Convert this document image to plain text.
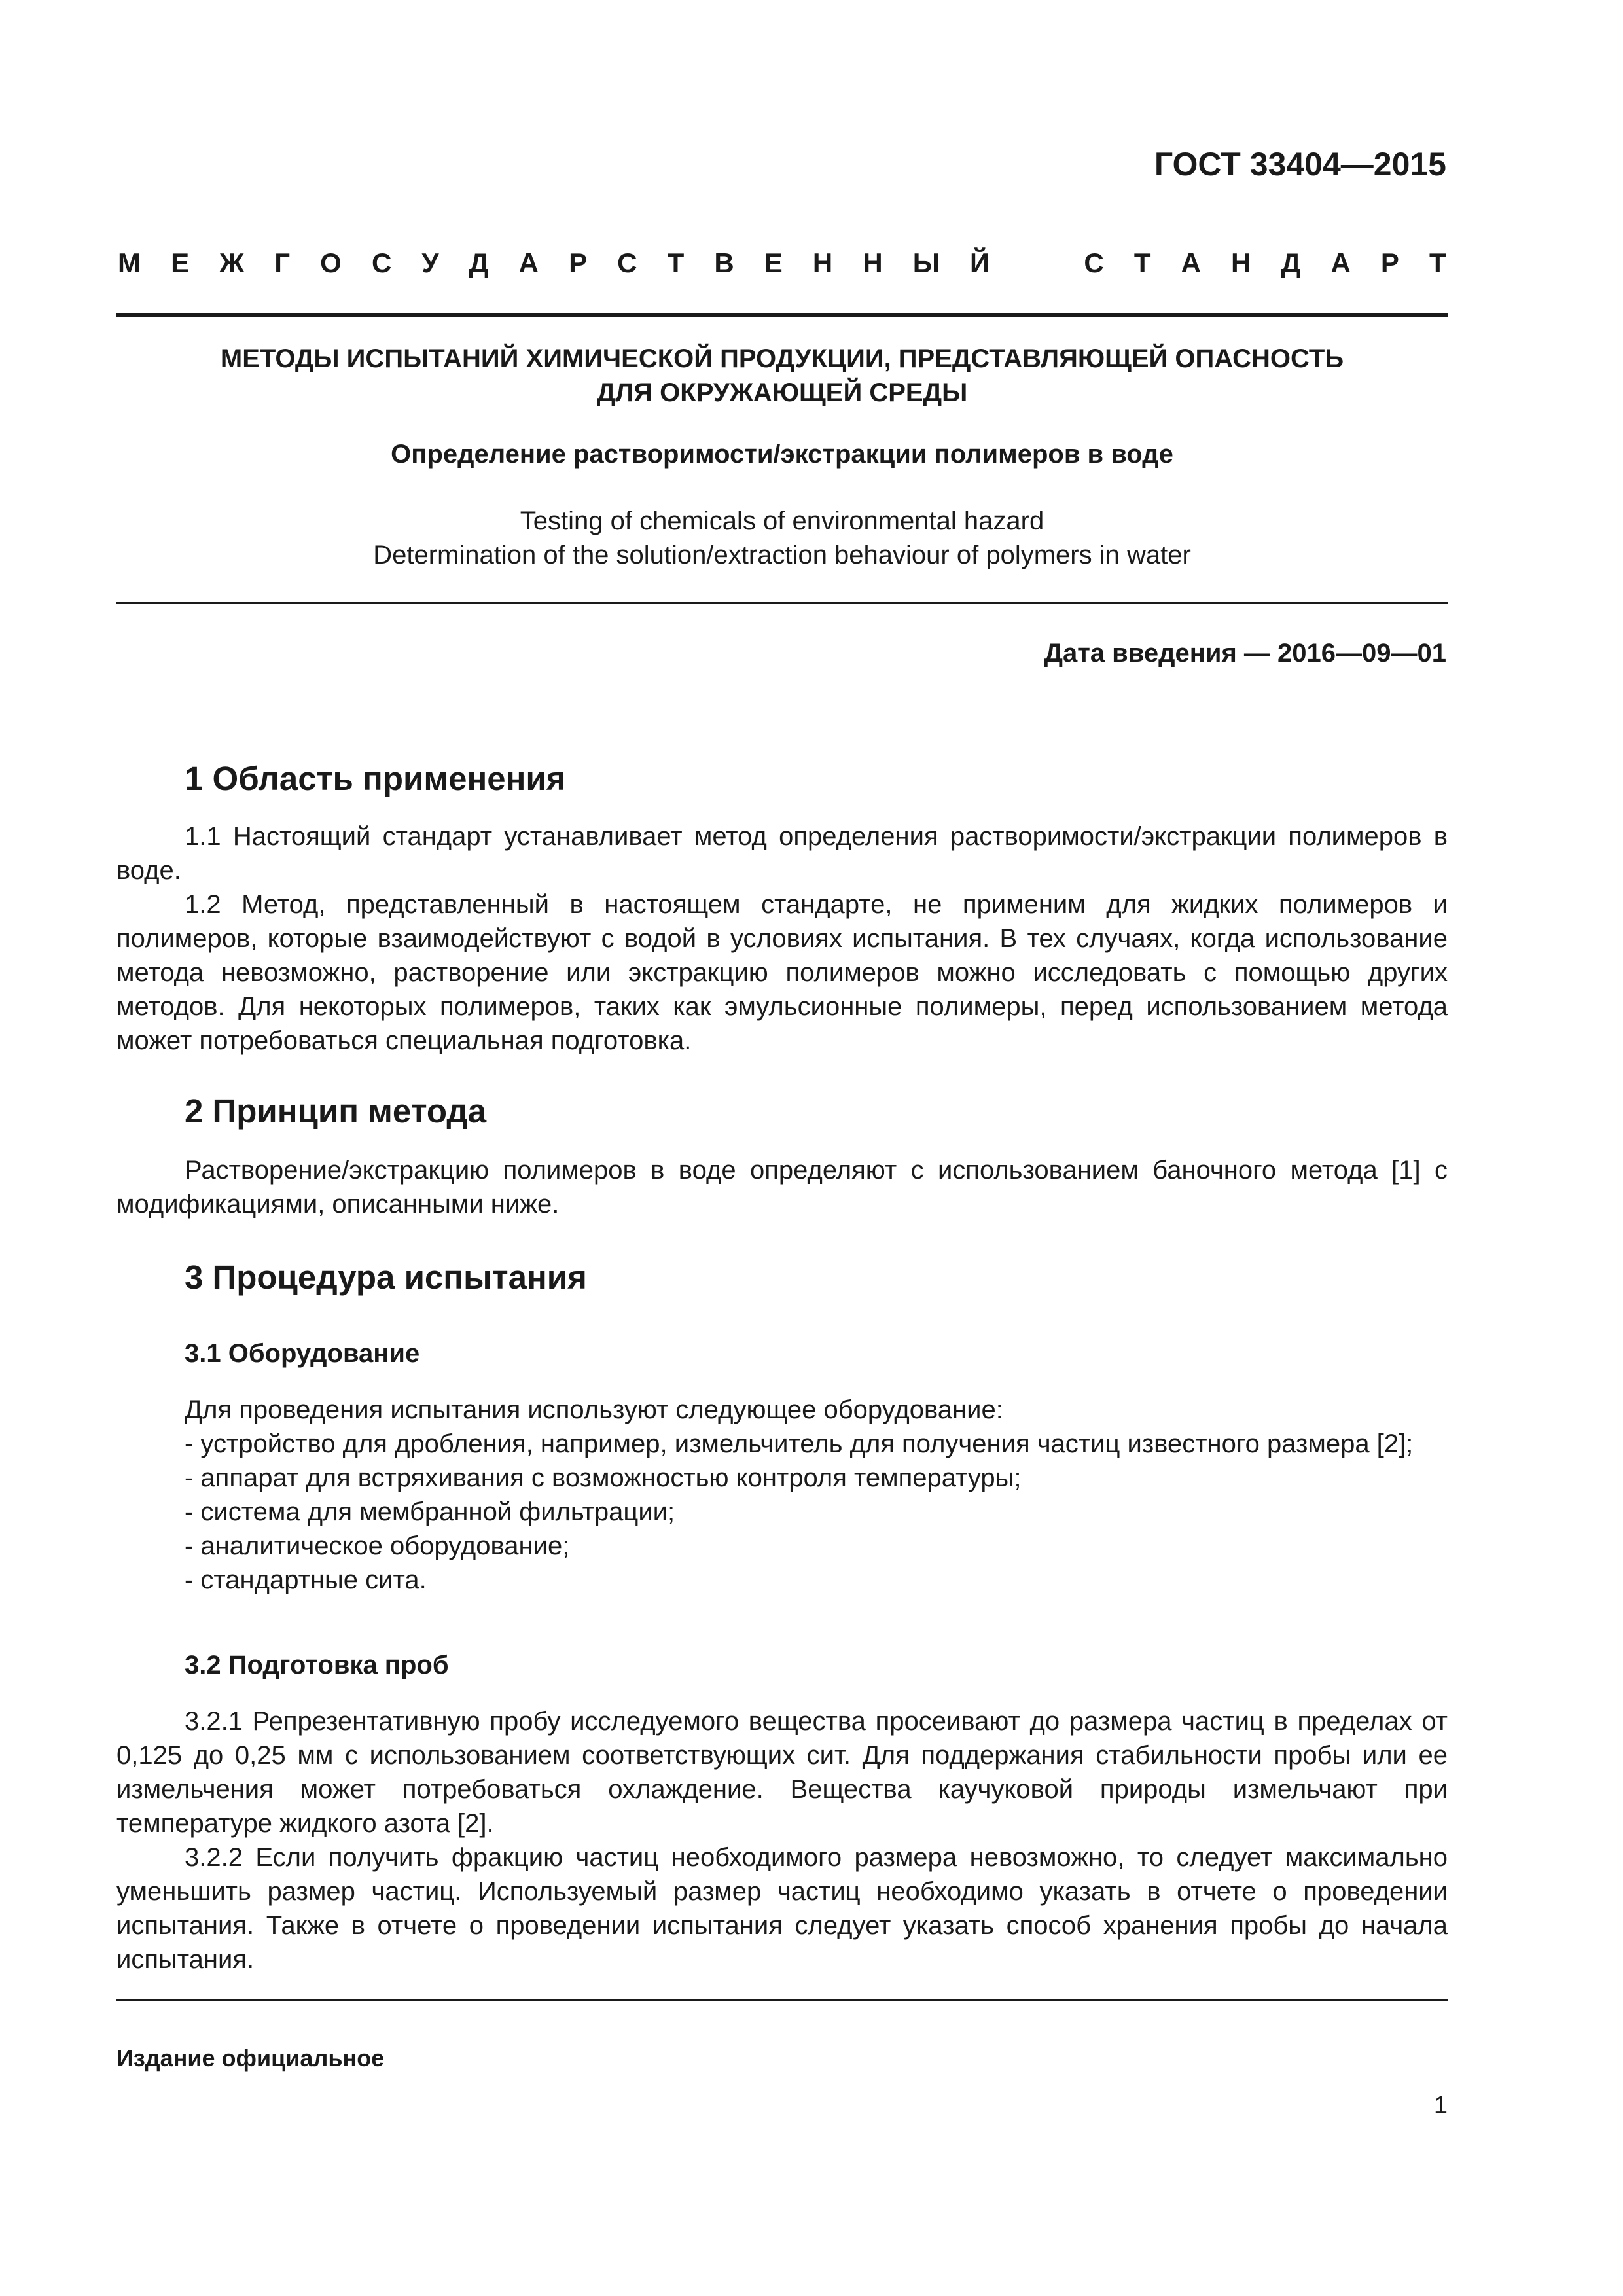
ГОСТ 33404—2015
М Е Ж Г О С У Д А Р С Т В Е Н Н Ы Й	С Т А Н Д А Р Т
МЕТОДЫ ИСПЫТАНИЙ ХИМИЧЕСКОЙ ПРОДУКЦИИ, ПРЕДСТАВЛЯЮЩЕЙ ОПАСНОСТЬ
ДЛЯ ОКРУЖАЮЩЕЙ СРЕДЫ
Определение растворимости/экстракции полимеров в воде
Testing of chemicals of environmental hazard
Determination of the solution/extraction behaviour of polymers in water
Дата введения — 2016—09—01
1 Область применения

1.1 Настоящий стандарт устанавливает метод определения растворимости/экстракции полимеров в воде.

1.2 Метод, представленный в настоящем стандарте, не применим для жидких полимеров и полимеров, которые взаимодействуют с водой в условиях испытания. В тех случаях, когда использование метода невозможно, растворение или экстракцию полимеров можно исследовать с помощью других методов. Для некоторых полимеров, таких как эмульсионные полимеры, перед использованием метода может потребоваться специальная подготовка.

2 Принцип метода

Растворение/экстракцию полимеров в воде определяют с использованием баночного метода [1] с модификациями, описанными ниже.

3 Процедура испытания
3.1 Оборудование

Для проведения испытания используют следующее оборудование:

- устройство для дробления, например, измельчитель для получения частиц известного размера [2];

- аппарат для встряхивания с возможностью контроля температуры;

- система для мембранной фильтрации;

- аналитическое оборудование;

- стандартные сита.

3.2 Подготовка проб

3.2.1 Репрезентативную пробу исследуемого вещества просеивают до размера частиц в пределах от 0,125 до 0,25 мм с использованием соответствующих сит. Для поддержания стабильности пробы или ее измельчения может потребоваться охлаждение. Вещества каучуковой природы измельчают при температуре жидкого азота [2].

3.2.2 Если получить фракцию частиц необходимого размера невозможно, то следует максимально уменьшить размер частиц. Используемый размер частиц необходимо указать в отчете о проведении испытания. Также в отчете о проведении испытания следует указать способ хранения пробы до начала испытания.

Издание официальное
1
